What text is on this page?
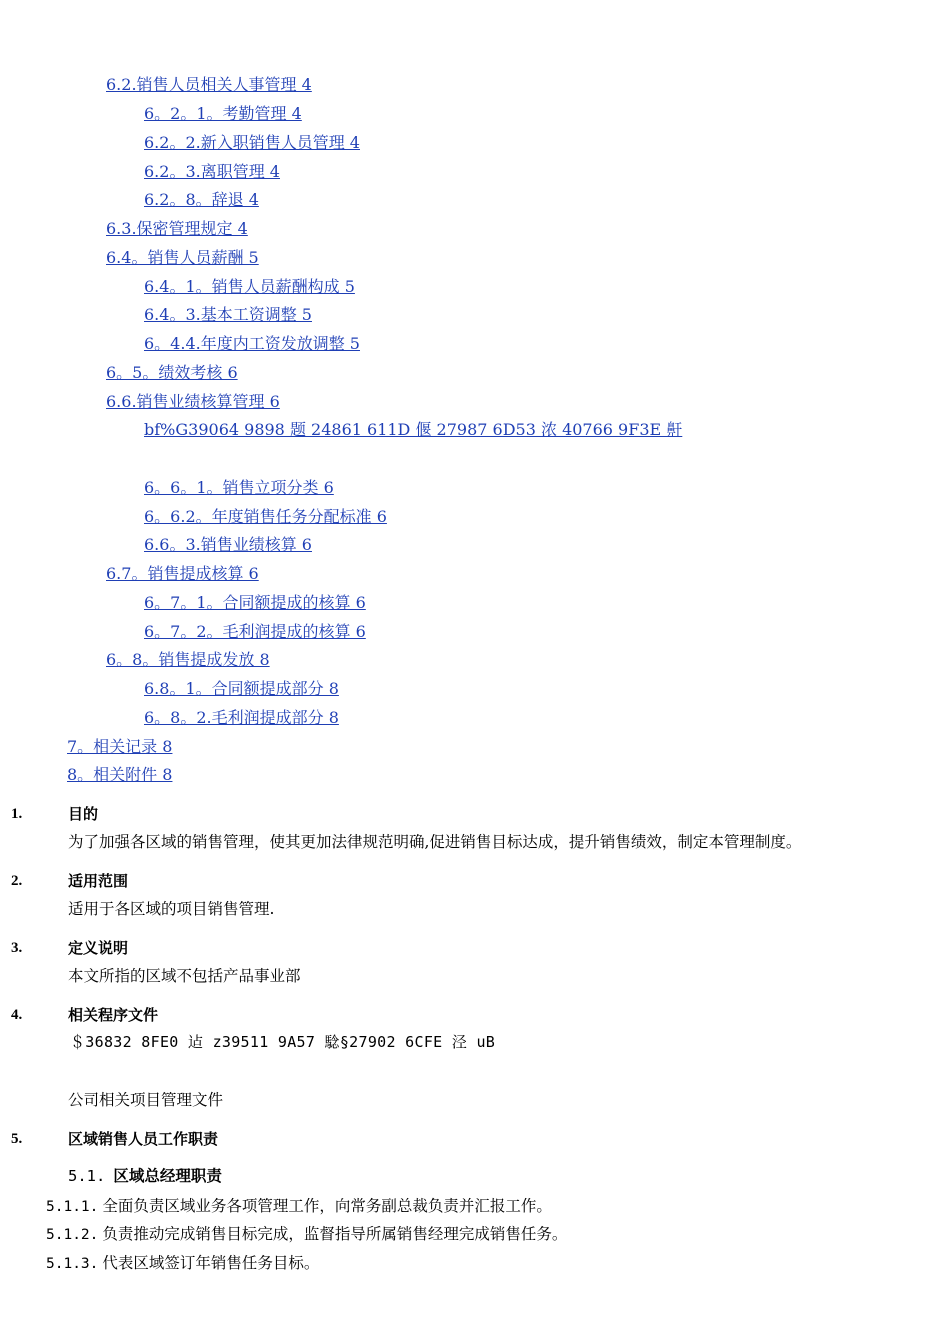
6.2.销售人员相关人事管理 4
6。2。1。考勤管理 4
6.2。2.新入职销售人员管理 4
6.2。3.离职管理 4
6.2。8。辞退 4
6.3.保密管理规定 4
6.4。销售人员薪酬 5
6.4。1。销售人员薪酬构成 5
6.4。3.基本工资调整 5
6。4.4.年度内工资发放调整 5
6。5。绩效考核 6
6.6.销售业绩核算管理 6
bf%G39064 9898 题 24861 611D 偃 27987 6D53 浓 40766 9F3E 鼾
6。6。1。销售立项分类 6
6。6.2。年度销售任务分配标准 6
6.6。3.销售业绩核算 6
6.7。销售提成核算 6
6。7。1。合同额提成的核算 6
6。7。2。毛利润提成的核算 6
6。8。销售提成发放 8
6.8。1。合同额提成部分 8
6。8。2.毛利润提成部分 8
7。相关记录 8
8。相关附件 8
1.	目的
为了加强各区域的销售管理，使其更加法律规范明确,促进销售目标达成，提升销售绩效，制定本管理制度。
2.	适用范围
适用于各区域的项目销售管理.
3.	定义说明
本文所指的区域不包括产品事业部
4.	相关程序文件
＄36832 8FE0 迠 z39511 9A57 騐§27902 6CFE 泾 uB
公司相关项目管理文件
5.	区域销售人员工作职责
5.1. 区域总经理职责
5.1.1. 全面负责区域业务各项管理工作，向常务副总裁负责并汇报工作。
5.1.2. 负责推动完成销售目标完成，监督指导所属销售经理完成销售任务。
5.1.3. 代表区域签订年销售任务目标。
